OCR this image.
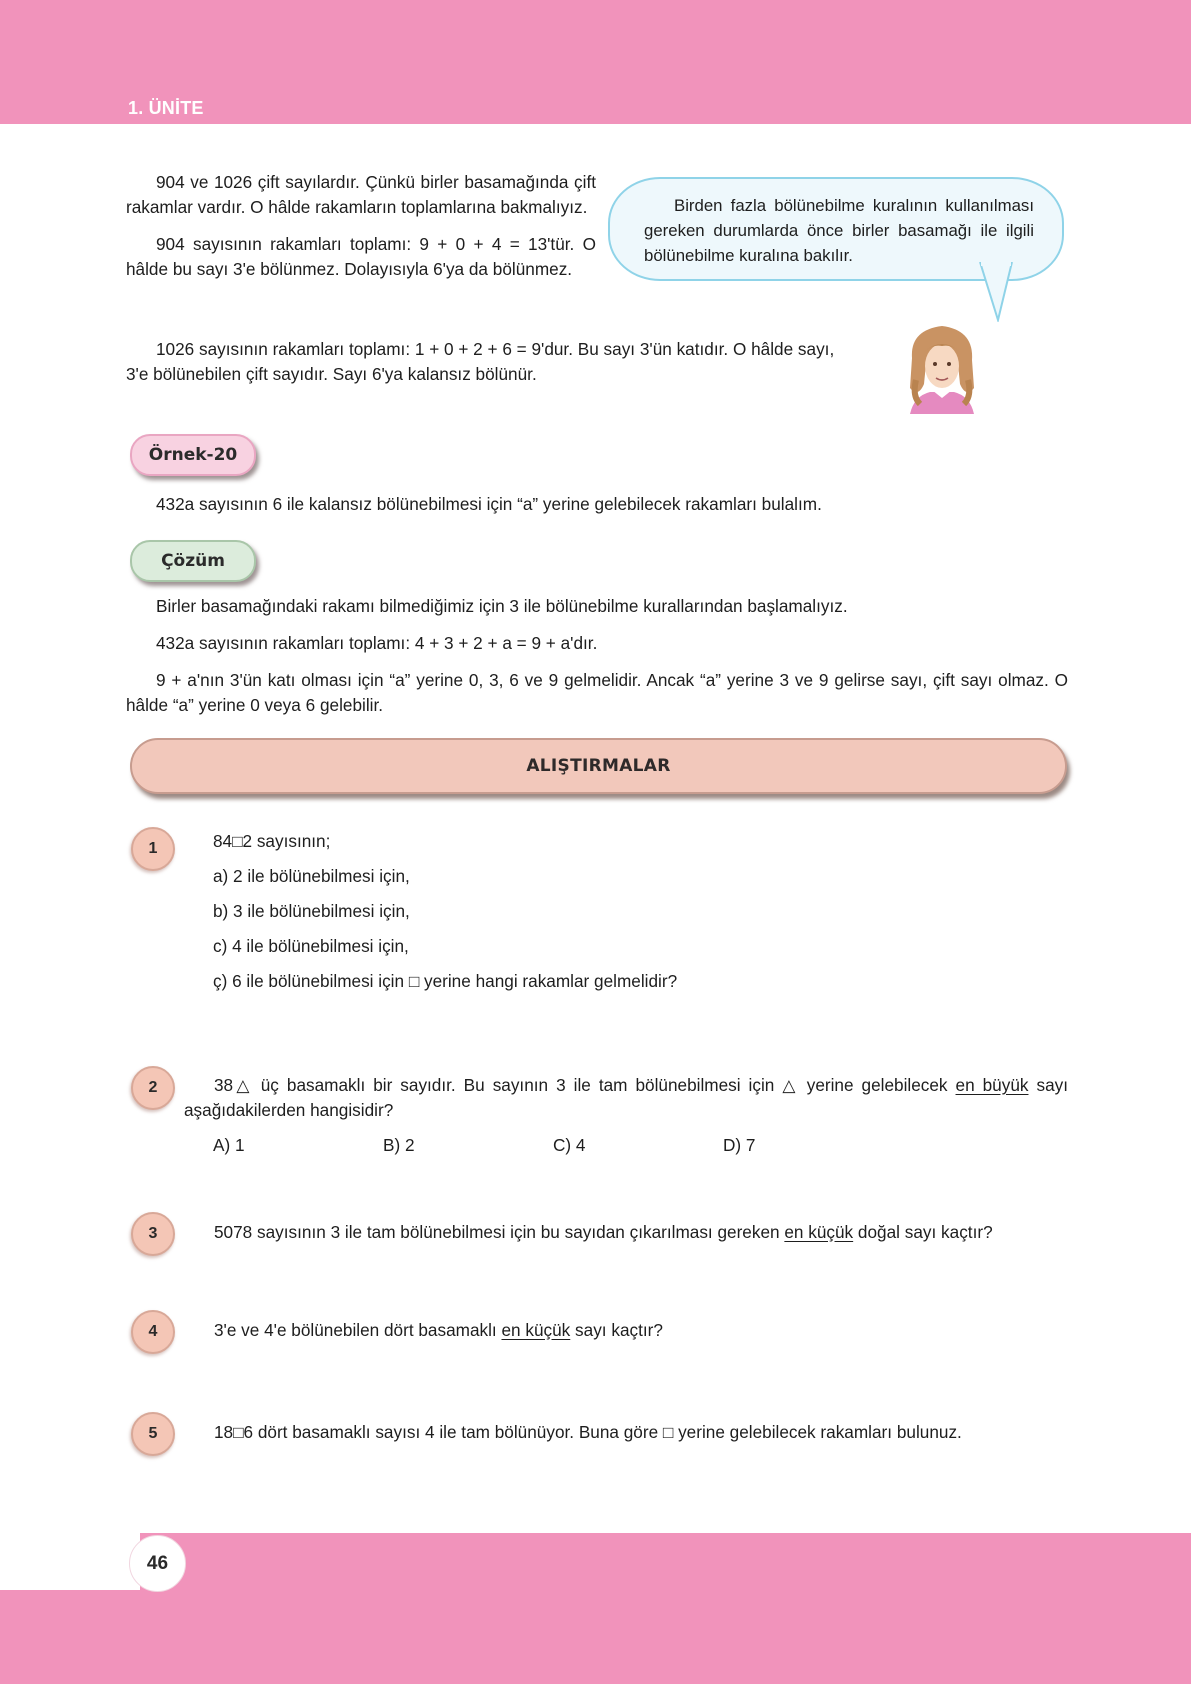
1. ÜNİTE

904 ve 1026 çift sayılardır. Çünkü birler basamağında çift rakamlar vardır. O hâlde rakamların toplamlarına bakmalıyız.

904 sayısının rakamları toplamı: 9 + 0 + 4 = 13'tür. O hâlde bu sayı 3'e bölünmez. Dolayısıyla 6'ya da bölünmez.

1026 sayısının rakamları toplamı: 1 + 0 + 2 + 6 = 9'dur. Bu sayı 3'ün katıdır. O hâlde sayı, 3'e bölünebilen çift sayıdır. Sayı 6'ya kalansız bölünür.

Birden fazla bölünebilme kuralının kullanılması gereken durumlarda önce birler basamağı ile ilgili bölünebilme kuralına bakılır.

Örnek-20

432a sayısının 6 ile kalansız bölünebilmesi için “a” yerine gelebilecek rakamları bulalım.

Çözüm

Birler basamağındaki rakamı bilmediğimiz için 3 ile bölünebilme kurallarından başlamalıyız.

432a sayısının rakamları toplamı: 4 + 3 + 2 + a = 9 + a'dır.

9 + a'nın 3'ün katı olması için “a” yerine 0, 3, 6 ve 9 gelmelidir. Ancak “a” yerine 3 ve 9 gelirse sayı, çift sayı olmaz. O hâlde “a” yerine 0 veya 6 gelebilir.

ALIŞTIRMALAR
1	84□2 sayısının;

a) 2 ile bölünebilmesi için,

b) 3 ile bölünebilmesi için,

c) 4 ile bölünebilmesi için,

ç) 6 ile bölünebilmesi için □ yerine hangi rakamlar gelmelidir?

2	38△ üç basamaklı bir sayıdır. Bu sayının 3 ile tam bölünebilmesi için △ yerine gelebilecek en büyük sayı aşağıdakilerden hangisidir?

A) 1	B) 2	C) 4	D) 7
3	5078 sayısının 3 ile tam bölünebilmesi için bu sayıdan çıkarılması gereken en küçük doğal sayı kaçtır?

4	3'e ve 4'e bölünebilen dört basamaklı en küçük sayı kaçtır?

5	18□6 dört basamaklı sayısı 4 ile tam bölünüyor. Buna göre □ yerine gelebilecek rakamları bulunuz.

46
